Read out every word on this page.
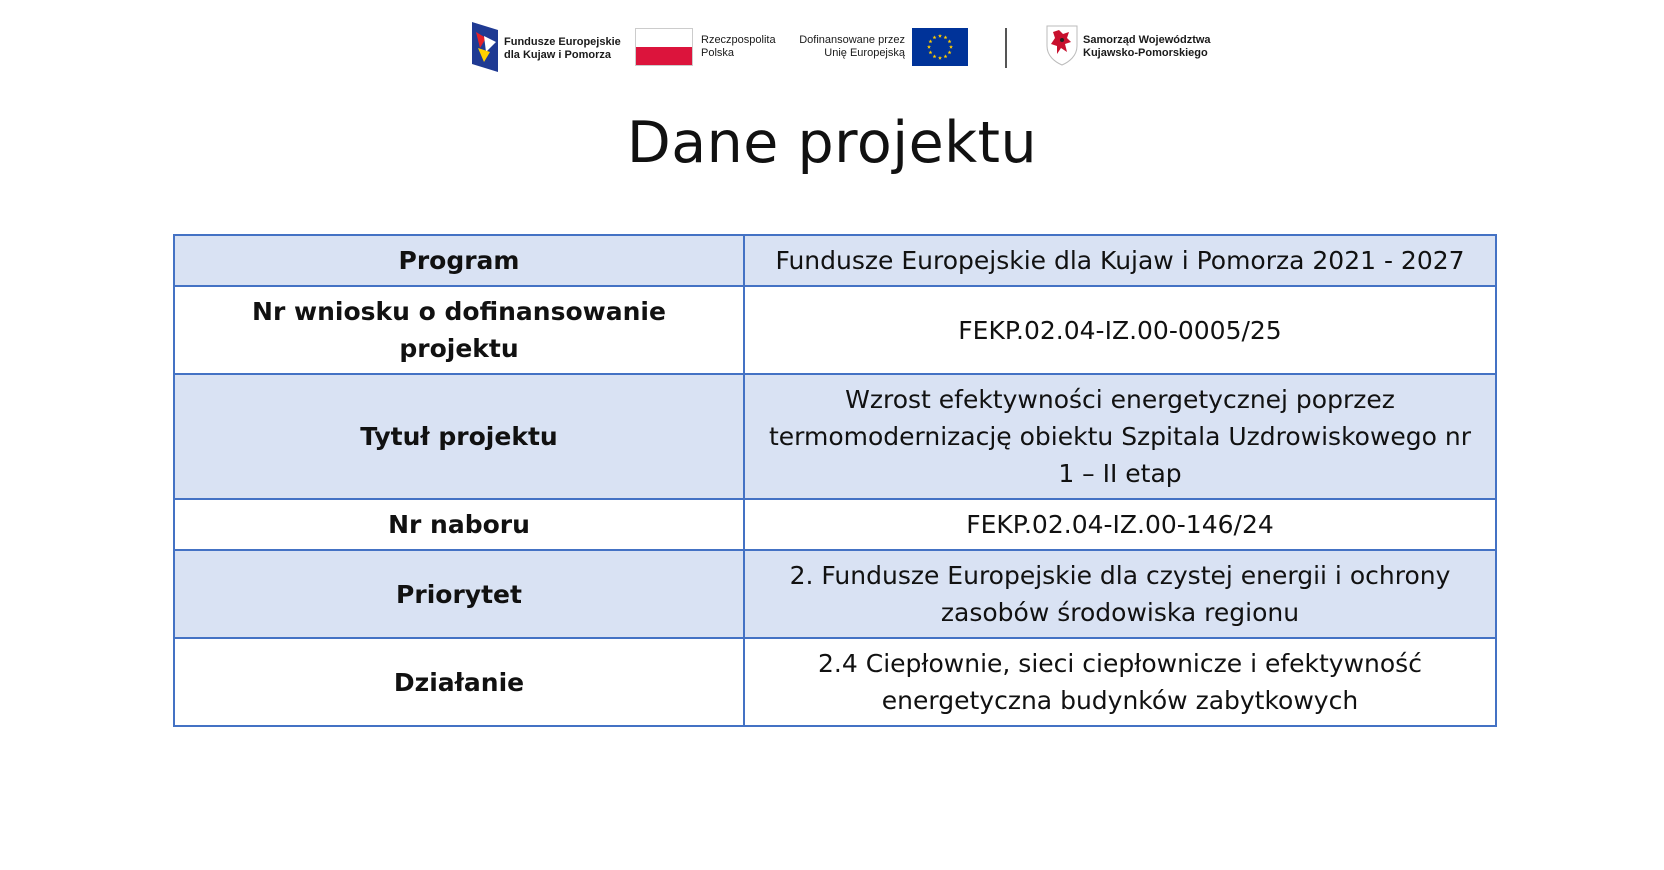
Fundusze Europejskie
dla Kujaw i Pomorza
Rzeczpospolita
Polska
Dofinansowane przez
Unię Europejską
Samorząd Województwa
Kujawsko-Pomorskiego
Dane projektu
Program	Fundusze Europejskie dla Kujaw i Pomorza 2021 - 2027
Nr wniosku o dofinansowanie projektu	FEKP.02.04-IZ.00-0005/25
Tytuł projektu	Wzrost efektywności energetycznej poprzez termomodernizację obiektu Szpitala Uzdrowiskowego nr 1 – II etap
Nr naboru	FEKP.02.04-IZ.00-146/24
Priorytet	2. Fundusze Europejskie dla czystej energii i ochrony zasobów środowiska regionu
Działanie	2.4 Ciepłownie, sieci ciepłownicze i efektywność energetyczna budynków zabytkowych
